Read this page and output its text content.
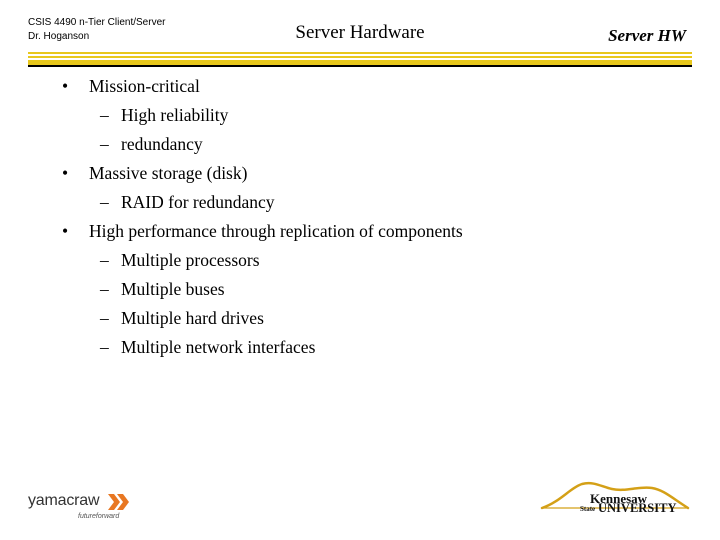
CSIS 4490 n-Tier Client/Server
Dr. Hoganson	Server Hardware	Server HW
• Mission-critical
– High reliability
– redundancy
• Massive storage (disk)
– RAID for redundancy
• High performance through replication of components
– Multiple processors
– Multiple buses
– Multiple hard drives
– Multiple network interfaces
yamacraw
futureforward
Kennesaw
State UNIVERSITY
